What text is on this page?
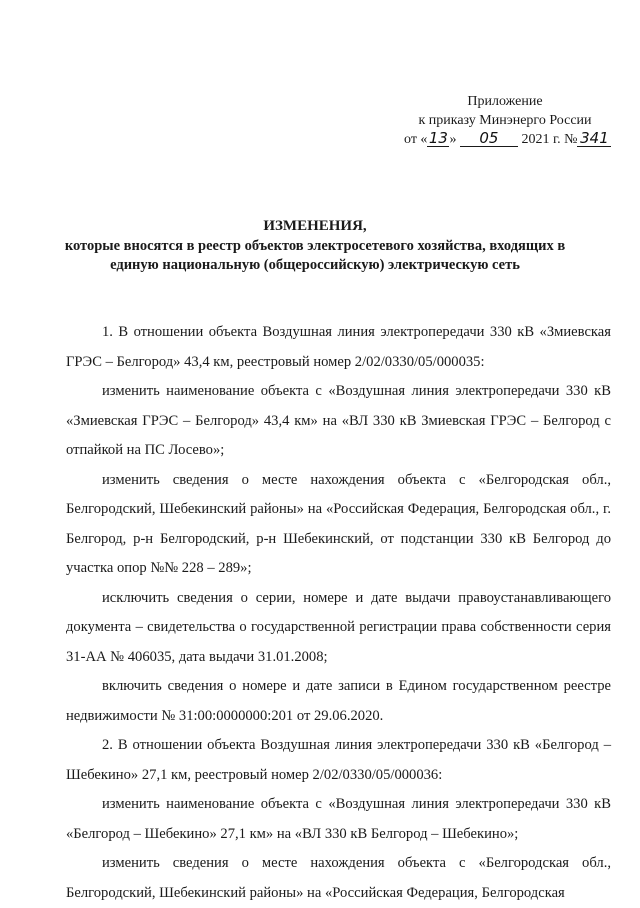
Приложение
к приказу Минэнерго России
от «13» 05 2021 г. № 341
ИЗМЕНЕНИЯ,
которые вносятся в реестр объектов электросетевого хозяйства, входящих в единую национальную (общероссийскую) электрическую сеть

1. В отношении объекта Воздушная линия электропередачи 330 кВ «Змиевская ГРЭС – Белгород» 43,4 км, реестровый номер 2/02/0330/05/000035:

изменить наименование объекта с «Воздушная линия электропередачи 330 кВ «Змиевская ГРЭС – Белгород» 43,4 км» на «ВЛ 330 кВ Змиевская ГРЭС – Белгород с отпайкой на ПС Лосево»;

изменить сведения о месте нахождения объекта с «Белгородская обл., Белгородский, Шебекинский районы» на «Российская Федерация, Белгородская обл., г. Белгород, р-н Белгородский, р-н Шебекинский, от подстанции 330 кВ Белгород до участка опор №№ 228 – 289»;

исключить сведения о серии, номере и дате выдачи правоустанавливающего документа – свидетельства о государственной регистрации права собственности серия 31-АА № 406035, дата выдачи 31.01.2008;

включить сведения о номере и дате записи в Едином государственном реестре недвижимости № 31:00:0000000:201 от 29.06.2020.

2. В отношении объекта Воздушная линия электропередачи 330 кВ «Белгород – Шебекино» 27,1 км, реестровый номер 2/02/0330/05/000036:

изменить наименование объекта с «Воздушная линия электропередачи 330 кВ «Белгород – Шебекино» 27,1 км» на «ВЛ 330 кВ Белгород – Шебекино»;

изменить сведения о месте нахождения объекта с «Белгородская обл., Белгородский, Шебекинский районы» на «Российская Федерация, Белгородская
